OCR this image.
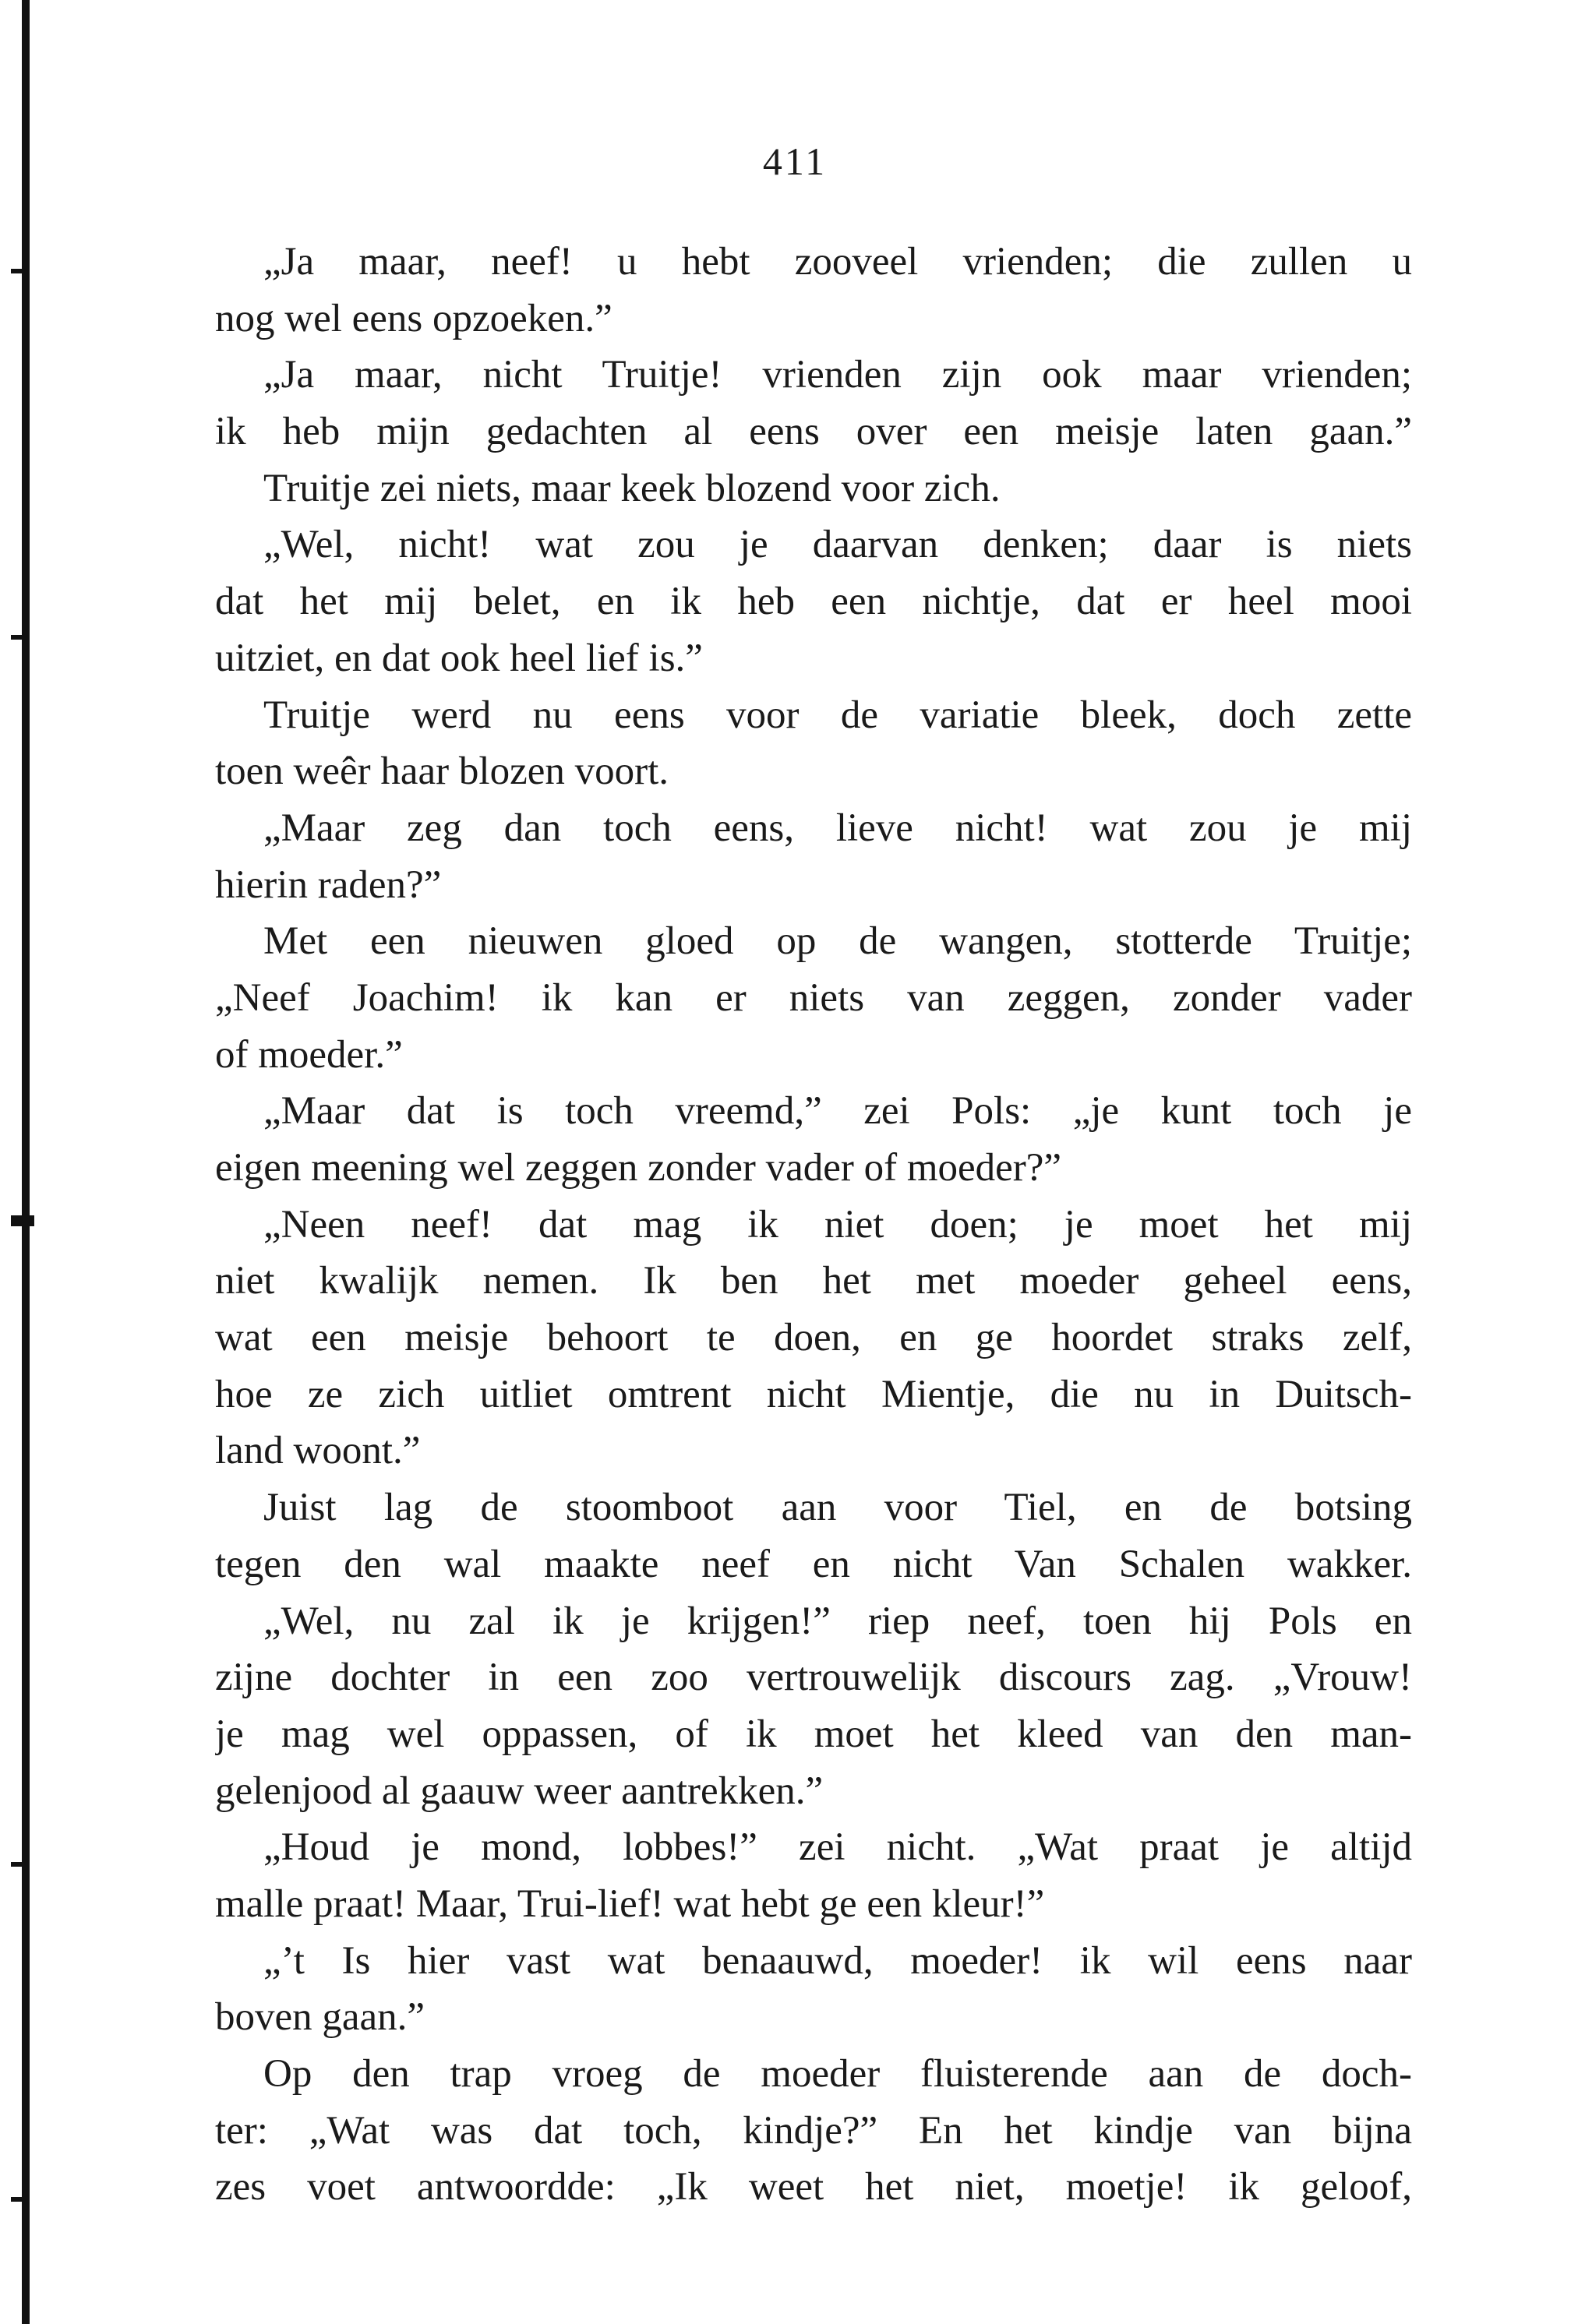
411
„Ja maar, neef! u hebt zooveel vrienden; die zullen u
nog wel eens opzoeken.”
„Ja maar, nicht Truitje! vrienden zijn ook maar vrienden;
ik heb mijn gedachten al eens over een meisje laten gaan.”
Truitje zei niets, maar keek blozend voor zich.
„Wel, nicht! wat zou je daarvan denken; daar is niets
dat het mij belet, en ik heb een nichtje, dat er heel mooi
uitziet, en dat ook heel lief is.”
Truitje werd nu eens voor de variatie bleek, doch zette
toen weêr haar blozen voort.
„Maar zeg dan toch eens, lieve nicht! wat zou je mij
hierin raden?”
Met een nieuwen gloed op de wangen, stotterde Truitje;
„Neef Joachim! ik kan er niets van zeggen, zonder vader
of moeder.”
„Maar dat is toch vreemd,” zei Pols: „je kunt toch je
eigen meening wel zeggen zonder vader of moeder?”
„Neen neef! dat mag ik niet doen; je moet het mij
niet kwalijk nemen. Ik ben het met moeder geheel eens,
wat een meisje behoort te doen, en ge hoordet straks zelf,
hoe ze zich uitliet omtrent nicht Mientje, die nu in Duitsch-
land woont.”
Juist lag de stoomboot aan voor Tiel, en de botsing
tegen den wal maakte neef en nicht Van Schalen wakker.
„Wel, nu zal ik je krijgen!” riep neef, toen hij Pols en
zijne dochter in een zoo vertrouwelijk discours zag. „Vrouw!
je mag wel oppassen, of ik moet het kleed van den man-
gelenjood al gaauw weer aantrekken.”
„Houd je mond, lobbes!” zei nicht. „Wat praat je altijd
malle praat! Maar, Trui-lief! wat hebt ge een kleur!”
„’t Is hier vast wat benaauwd, moeder! ik wil eens naar
boven gaan.”
Op den trap vroeg de moeder fluisterende aan de doch-
ter: „Wat was dat toch, kindje?” En het kindje van bijna
zes voet antwoordde: „Ik weet het niet, moetje! ik geloof,
